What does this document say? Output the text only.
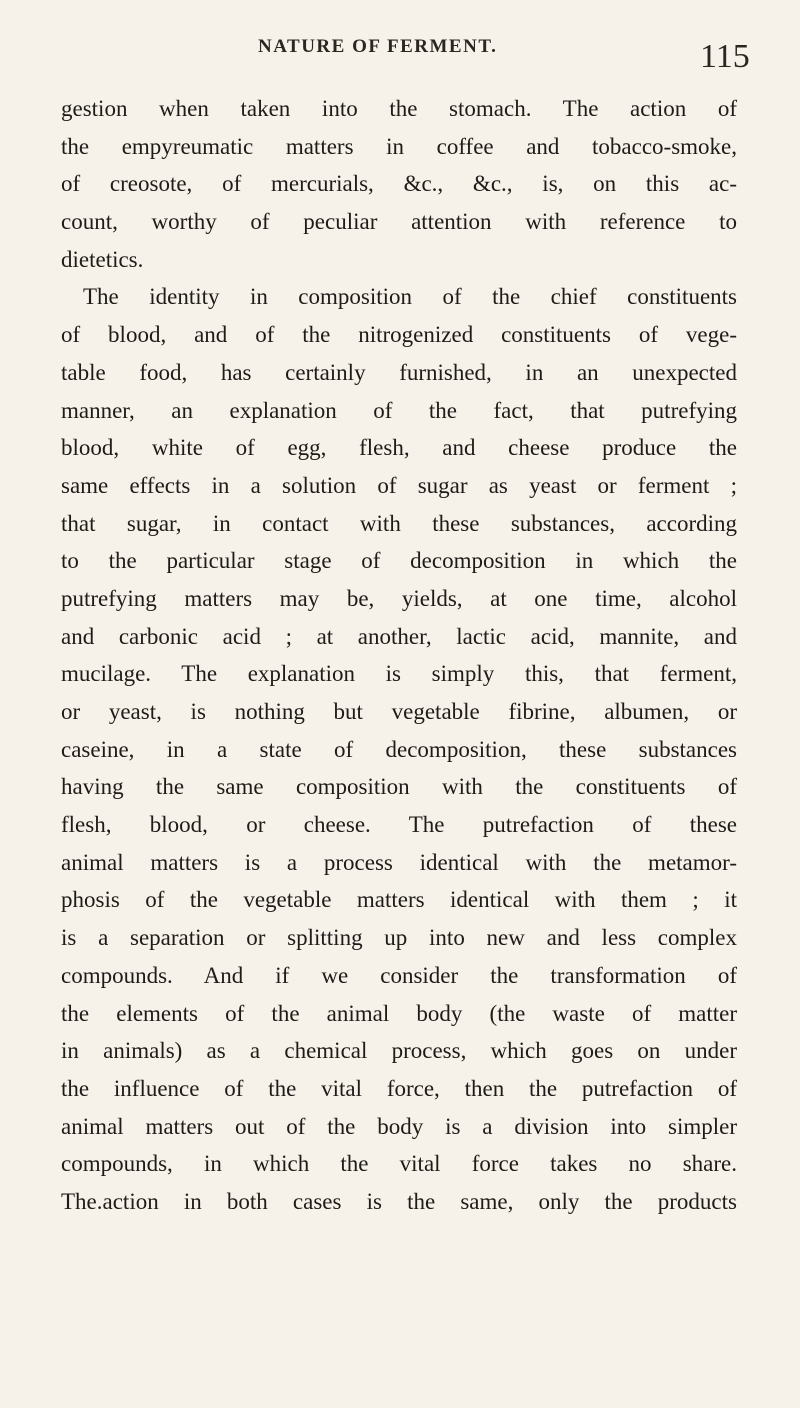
NATURE OF FERMENT.	115
gestion when taken into the stomach. The action of
the empyreumatic matters in coffee and tobacco-smoke,
of creosote, of mercurials, &c., &c., is, on this ac-
count, worthy of peculiar attention with reference to
dietetics.
The identity in composition of the chief constituents
of blood, and of the nitrogenized constituents of vege-
table food, has certainly furnished, in an unexpected
manner, an explanation of the fact, that putrefying
blood, white of egg, flesh, and cheese produce the
same effects in a solution of sugar as yeast or ferment ;
that sugar, in contact with these substances, according
to the particular stage of decomposition in which the
putrefying matters may be, yields, at one time, alcohol
and carbonic acid ; at another, lactic acid, mannite, and
mucilage. The explanation is simply this, that ferment,
or yeast, is nothing but vegetable fibrine, albumen, or
caseine, in a state of decomposition, these substances
having the same composition with the constituents of
flesh, blood, or cheese. The putrefaction of these
animal matters is a process identical with the metamor-
phosis of the vegetable matters identical with them ; it
is a separation or splitting up into new and less complex
compounds. And if we consider the transformation of
the elements of the animal body (the waste of matter
in animals) as a chemical process, which goes on under
the influence of the vital force, then the putrefaction of
animal matters out of the body is a division into simpler
compounds, in which the vital force takes no share.
The.action in both cases is the same, only the products
